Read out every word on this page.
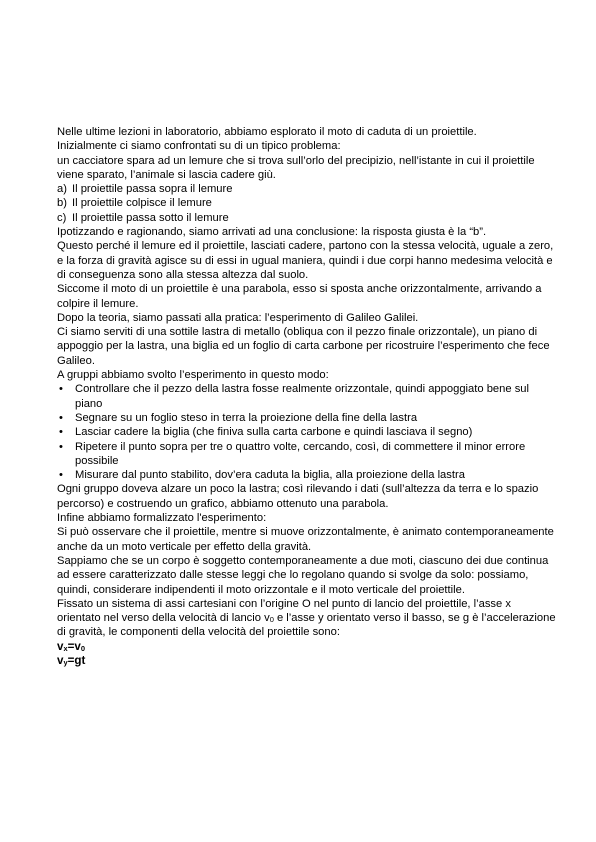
Nelle ultime lezioni in laboratorio, abbiamo esplorato il moto di caduta di un proiettile.

Inizialmente ci siamo confrontati su di un tipico problema:

un cacciatore spara ad un lemure che si trova sull’orlo del precipizio, nell’istante in cui il proiettile viene sparato, l’animale si lascia cadere giù.

a) Il proiettile passa sopra il lemure
b) Il proiettile colpisce il lemure
c) Il proiettile passa sotto il lemure

Ipotizzando e ragionando, siamo arrivati ad una conclusione: la risposta giusta è la “b”.

Questo perché il lemure ed il proiettile, lasciati cadere, partono con la stessa velocità, uguale a zero, e la forza di gravità agisce su di essi in ugual maniera, quindi i due corpi hanno medesima velocità e di conseguenza sono alla stessa altezza dal suolo.

Siccome il moto di un proiettile è una parabola, esso si sposta anche orizzontalmente, arrivando a colpire il lemure.

Dopo la teoria, siamo passati alla pratica: l’esperimento di Galileo Galilei.

Ci siamo serviti di una sottile lastra di metallo (obliqua con il pezzo finale orizzontale), un piano di appoggio per la lastra, una biglia ed un foglio di carta carbone per ricostruire l’esperimento che fece Galileo.

A gruppi abbiamo svolto l’esperimento in questo modo:

• Controllare che il pezzo della lastra fosse realmente orizzontale, quindi appoggiato bene sul piano
• Segnare su un foglio steso in terra la proiezione della fine della lastra
• Lasciar cadere la biglia (che finiva sulla carta carbone e quindi lasciava il segno)
• Ripetere il punto sopra per tre o quattro volte, cercando, così, di commettere il minor errore possibile
• Misurare dal punto stabilito, dov’era caduta la biglia, alla proiezione della lastra

Ogni gruppo doveva alzare un poco la lastra; così rilevando i dati (sull’altezza da terra e lo spazio percorso) e costruendo un grafico, abbiamo ottenuto una parabola.

Infine abbiamo formalizzato l'esperimento:

Si può osservare che il proiettile, mentre si muove orizzontalmente, è animato contemporaneamente anche da un moto verticale per effetto della gravità.

Sappiamo che se un corpo è soggetto contemporaneamente a due moti, ciascuno dei due continua ad essere caratterizzato dalle stesse leggi che lo regolano quando si svolge da solo: possiamo, quindi, considerare indipendenti il moto orizzontale e il moto verticale del proiettile.

Fissato un sistema di assi cartesiani con l’origine O nel punto di lancio del proiettile, l’asse x orientato nel verso della velocità di lancio $v_0$ e l’asse y orientato verso il basso, se g è l’accelerazione di gravità, le componenti della velocità del proiettile sono:

$v_x=v_0$

$v_y=gt$
